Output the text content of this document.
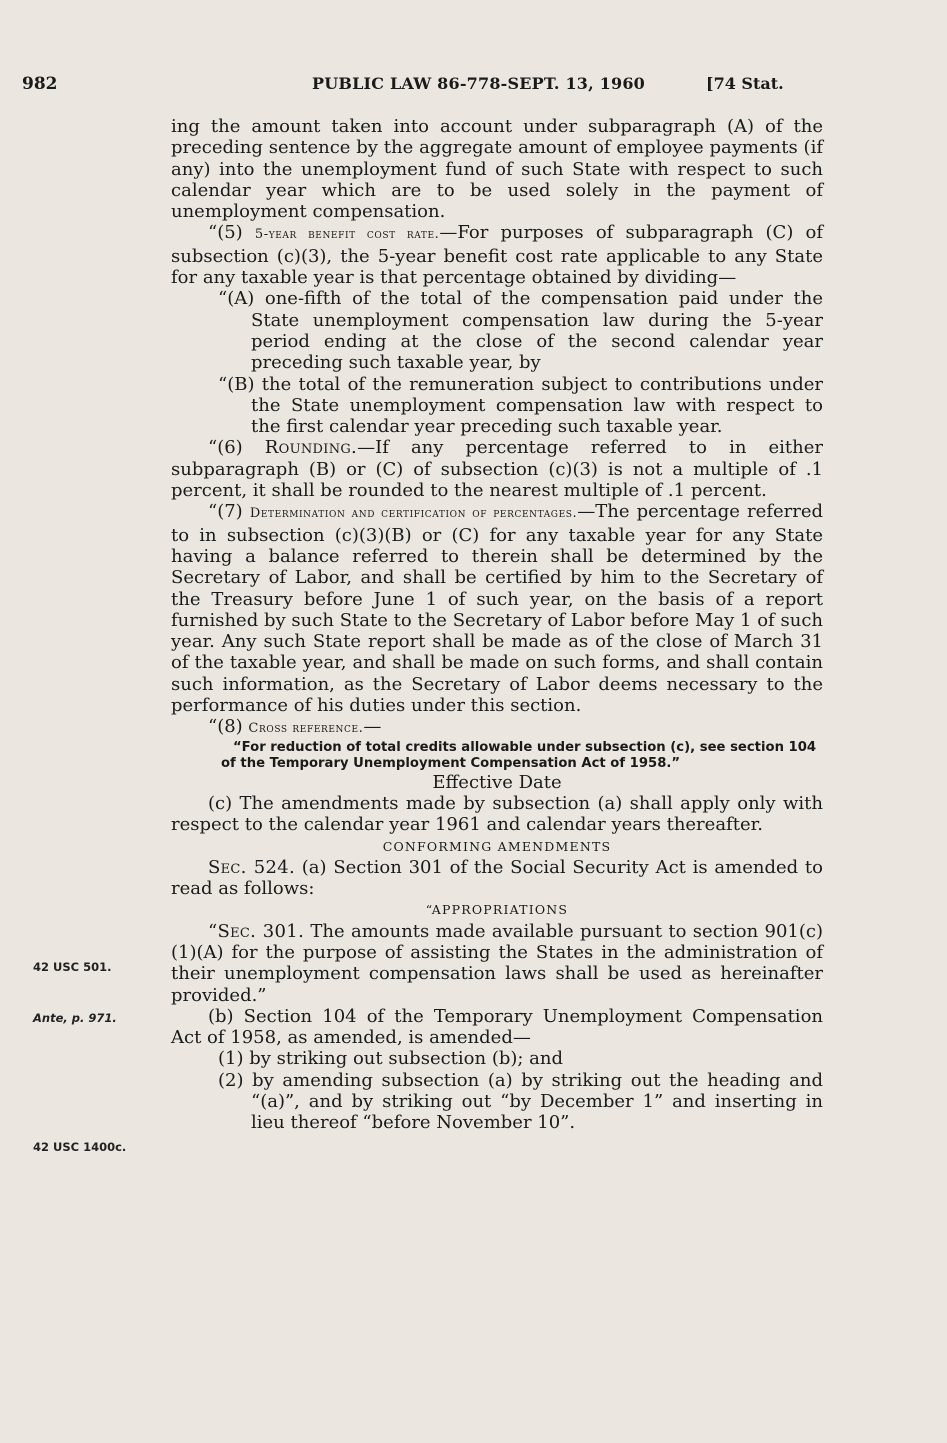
982	PUBLIC LAW 86-778-SEPT. 13, 1960	[74 Stat.
42 USC 501.
Ante, p. 971.
42 USC 1400c.

ing the amount taken into account under subparagraph (A) of the preceding sentence by the aggregate amount of employee payments (if any) into the unemployment fund of such State with respect to such calendar year which are to be used solely in the payment of unemployment compensation.

“(5) 5-year benefit cost rate.—For purposes of subparagraph (C) of subsection (c)(3), the 5-year benefit cost rate applicable to any State for any taxable year is that percentage obtained by dividing—

“(A) one-fifth of the total of the compensation paid under the State unemployment compensation law during the 5-year period ending at the close of the second calendar year preceding such taxable year, by

“(B) the total of the remuneration subject to contributions under the State unemployment compensation law with respect to the first calendar year preceding such taxable year.

“(6) Rounding.—If any percentage referred to in either subparagraph (B) or (C) of subsection (c)(3) is not a multiple of .1 percent, it shall be rounded to the nearest multiple of .1 percent.

“(7) Determination and certification of percentages.—The percentage referred to in subsection (c)(3)(B) or (C) for any taxable year for any State having a balance referred to therein shall be determined by the Secretary of Labor, and shall be certified by him to the Secretary of the Treasury before June 1 of such year, on the basis of a report furnished by such State to the Secretary of Labor before May 1 of such year. Any such State report shall be made as of the close of March 31 of the taxable year, and shall be made on such forms, and shall contain such information, as the Secretary of Labor deems necessary to the performance of his duties under this section.

“(8) Cross reference.—

“For reduction of total credits allowable under subsection (c), see section 104 of the Temporary Unemployment Compensation Act of 1958.”

Effective Date

(c) The amendments made by subsection (a) shall apply only with respect to the calendar year 1961 and calendar years thereafter.

CONFORMING AMENDMENTS

Sec. 524. (a) Section 301 of the Social Security Act is amended to read as follows:

“APPROPRIATIONS

“Sec. 301. The amounts made available pursuant to section 901(c)(1)(A) for the purpose of assisting the States in the administration of their unemployment compensation laws shall be used as hereinafter provided.”

(b) Section 104 of the Temporary Unemployment Compensation Act of 1958, as amended, is amended—

(1) by striking out subsection (b); and

(2) by amending subsection (a) by striking out the heading and “(a)”, and by striking out “by December 1” and inserting in lieu thereof “before November 10”.
